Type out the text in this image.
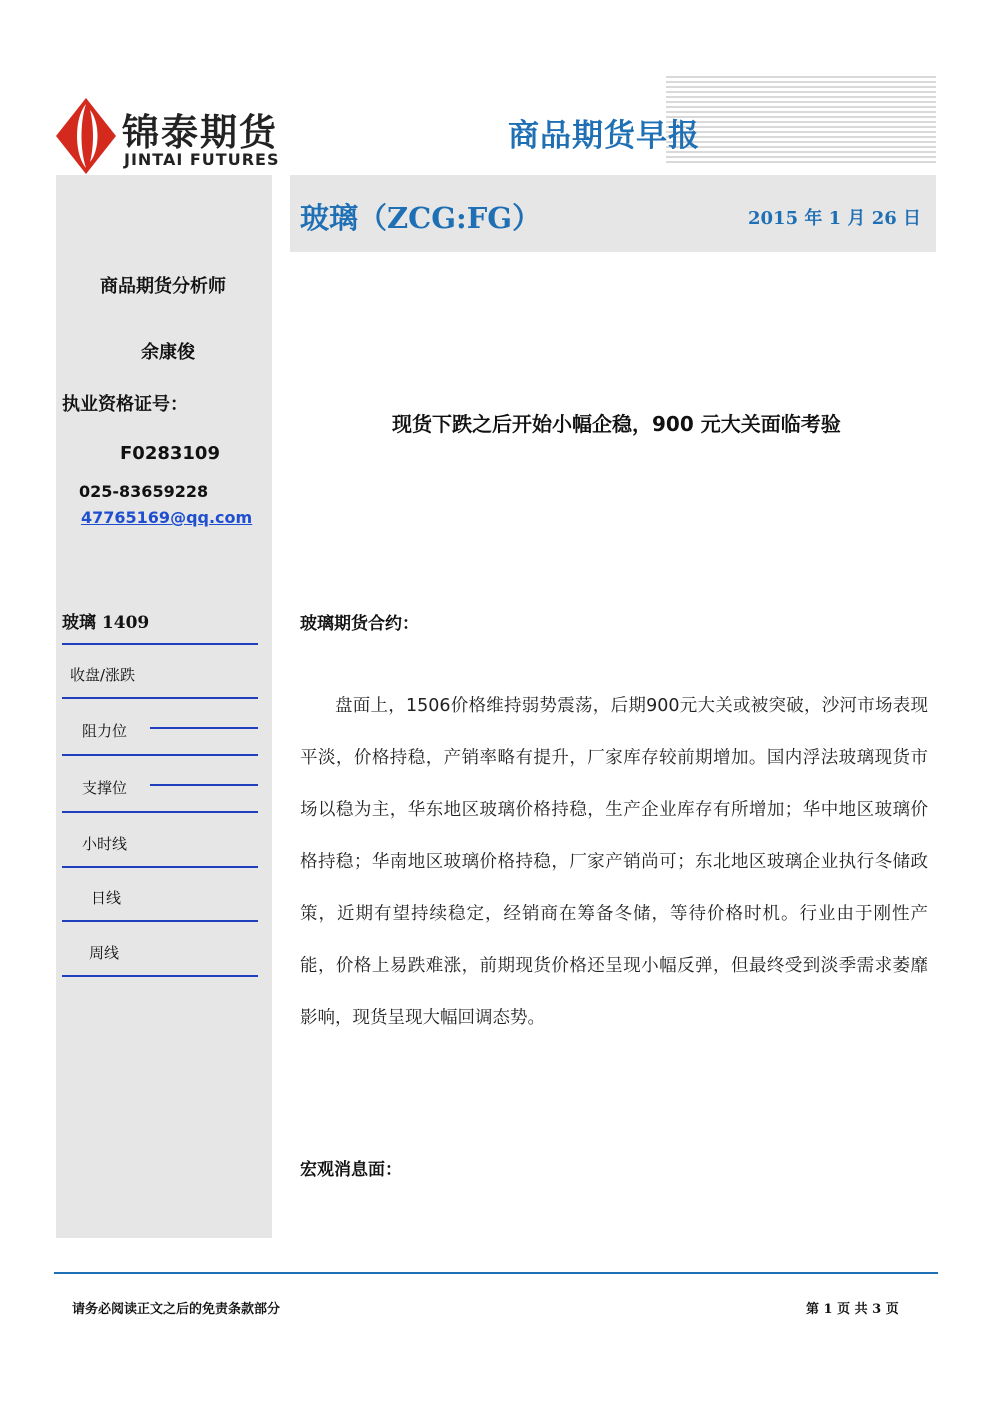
商品期货早报
锦泰期货
JINTAI FUTURES
玻璃（ZCG:FG）	2015 年 1 月 26 日
商品期货分析师
余康俊
执业资格证号：
F0283109
025-83659228
47765169@qq.com
玻璃 1409
收盘/涨跌
阻力位
支撑位
小时线
日线
周线
现货下跌之后开始小幅企稳，900 元大关面临考验
玻璃期货合约：
盘面上，1506价格维持弱势震荡，后期900元大关或被突破，沙河市场表现平淡，价格持稳，产销率略有提升，厂家库存较前期增加。国内浮法玻璃现货市场以稳为主，华东地区玻璃价格持稳，生产企业库存有所增加；华中地区玻璃价格持稳；华南地区玻璃价格持稳，厂家产销尚可；东北地区玻璃企业执行冬储政策，近期有望持续稳定，经销商在筹备冬储，等待价格时机。行业由于刚性产能，价格上易跌难涨，前期现货价格还呈现小幅反弹，但最终受到淡季需求萎靡影响，现货呈现大幅回调态势。
宏观消息面：
请务必阅读正文之后的免责条款部分	第 1 页 共 3 页
